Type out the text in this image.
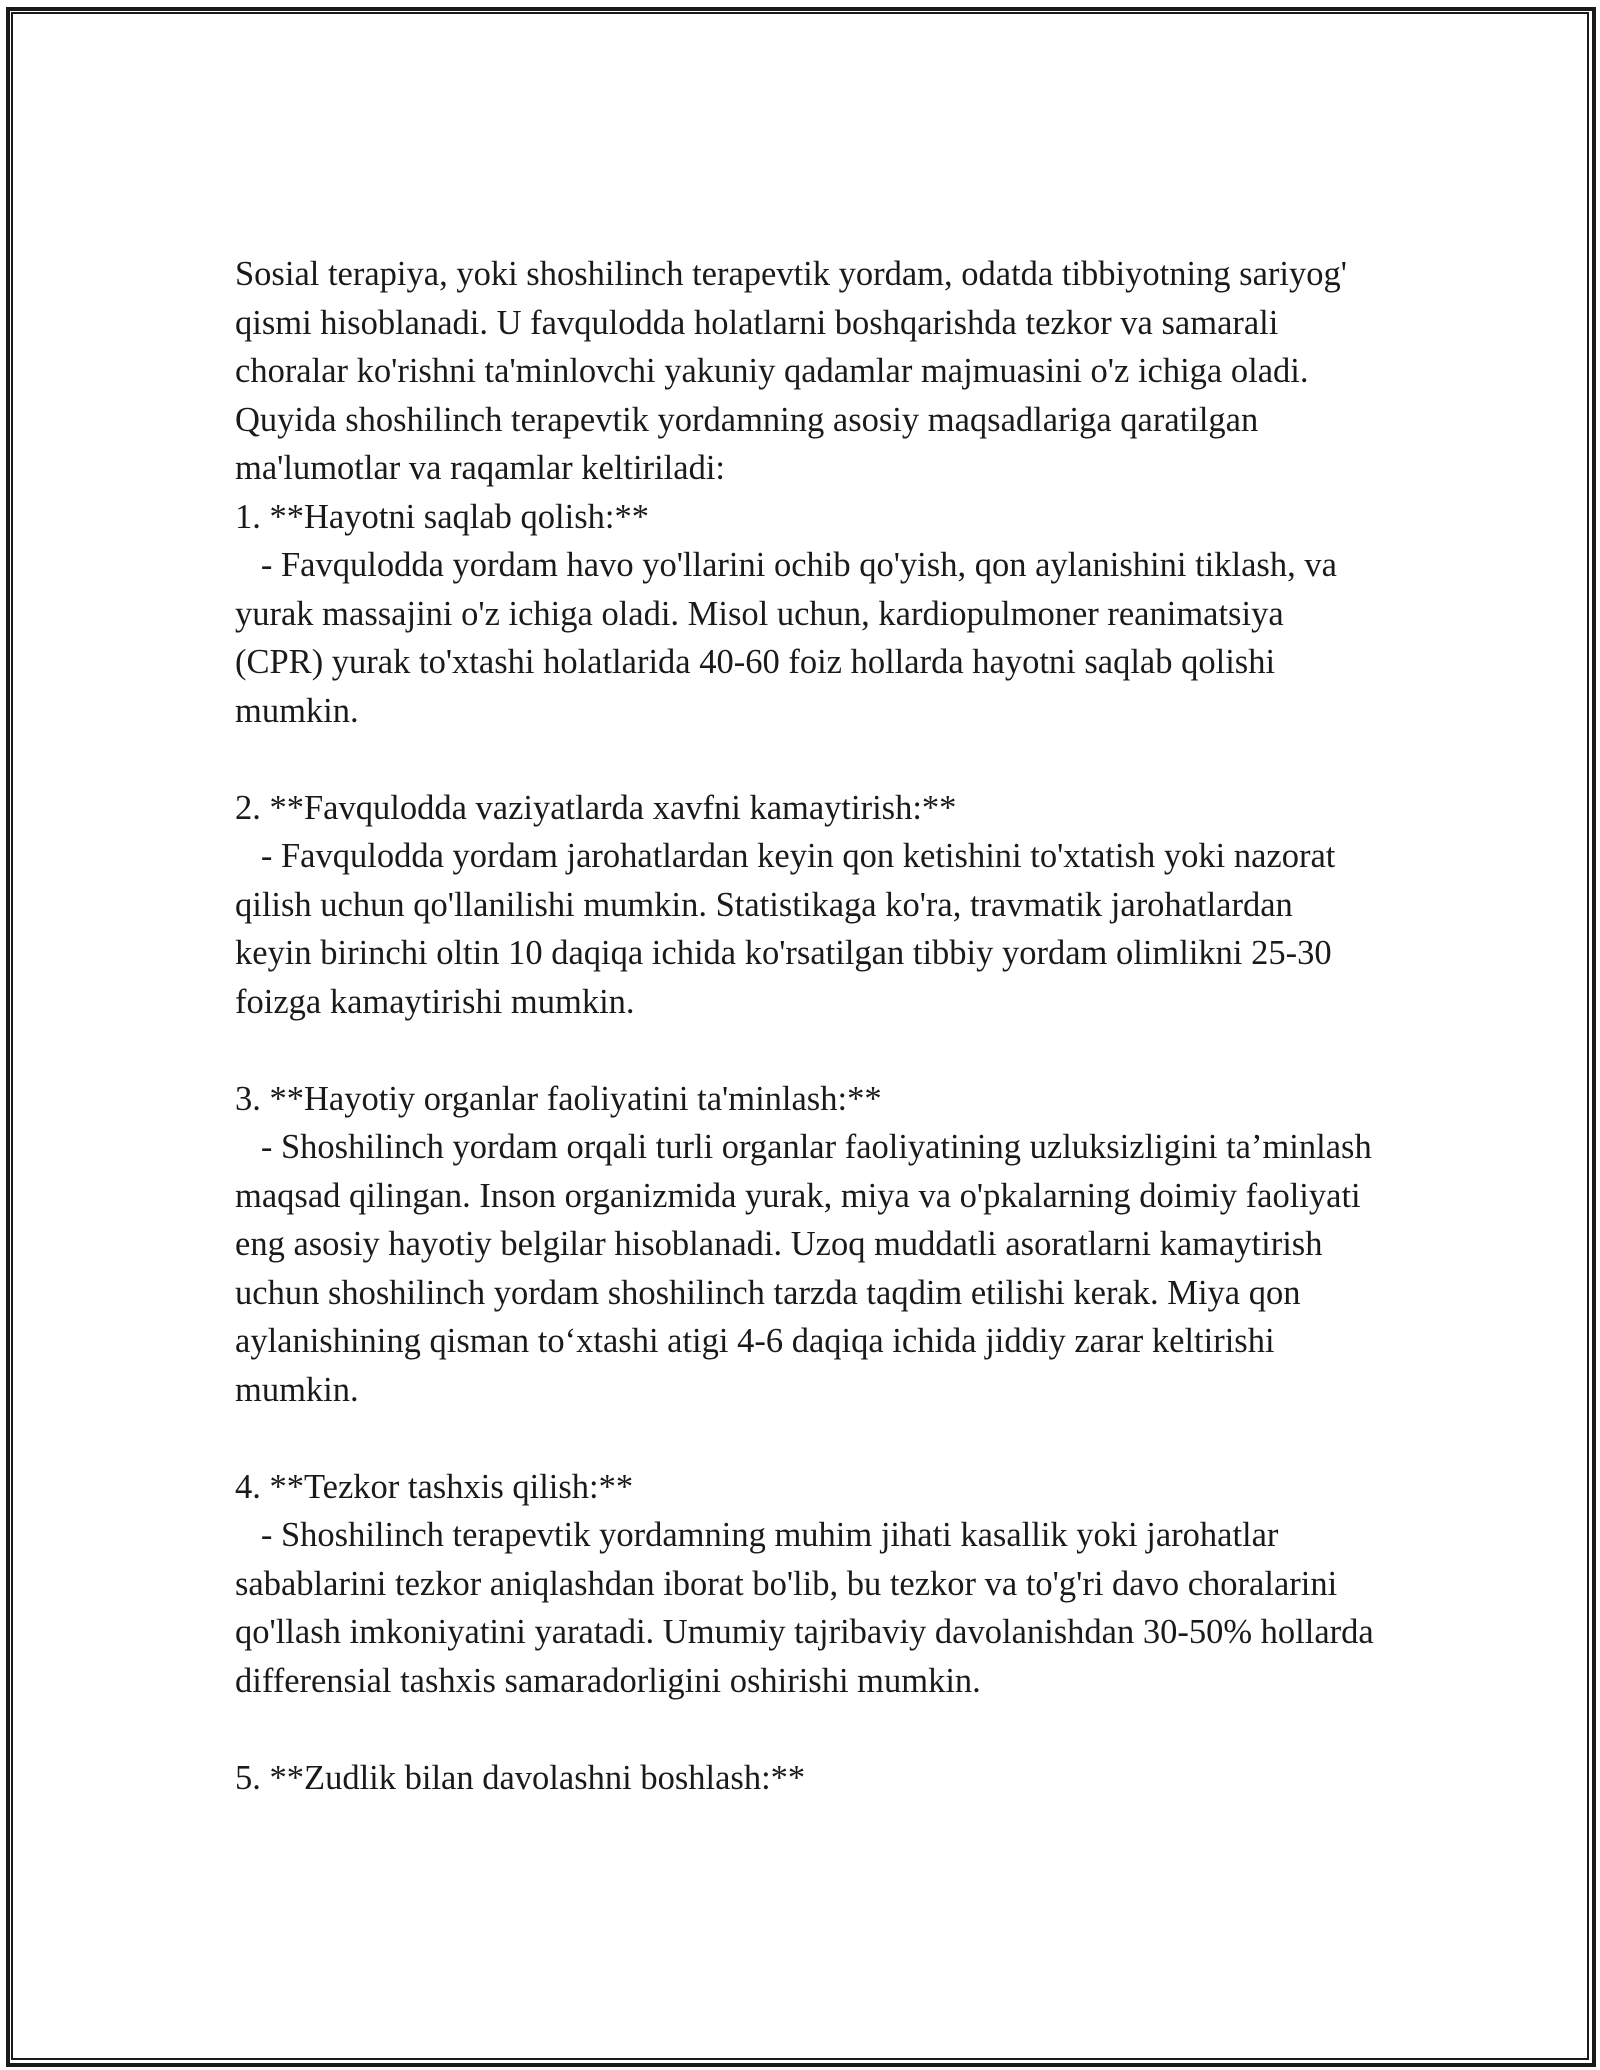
Sosial terapiya, yoki shoshilinch terapevtik yordam, odatda tibbiyotning sariyog' qismi hisoblanadi. U favqulodda holatlarni boshqarishda tezkor va samarali choralar ko'rishni ta'minlovchi yakuniy qadamlar majmuasini o'z ichiga oladi. Quyida shoshilinch terapevtik yordamning asosiy maqsadlariga qaratilgan ma'lumotlar va raqamlar keltiriladi:

1. **Hayotni saqlab qolish:**

- Favqulodda yordam havo yo'llarini ochib qo'yish, qon aylanishini tiklash, va yurak massajini o'z ichiga oladi. Misol uchun, kardiopulmoner reanimatsiya (CPR) yurak to'xtashi holatlarida 40-60 foiz hollarda hayotni saqlab qolishi mumkin.

2. **Favqulodda vaziyatlarda xavfni kamaytirish:**

- Favqulodda yordam jarohatlardan keyin qon ketishini to'xtatish yoki nazorat qilish uchun qo'llanilishi mumkin. Statistikaga ko'ra, travmatik jarohatlardan keyin birinchi oltin 10 daqiqa ichida ko'rsatilgan tibbiy yordam olimlikni 25-30 foizga kamaytirishi mumkin.

3. **Hayotiy organlar faoliyatini ta'minlash:**

- Shoshilinch yordam orqali turli organlar faoliyatining uzluksizligini ta’minlash maqsad qilingan. Inson organizmida yurak, miya va o'pkalarning doimiy faoliyati eng asosiy hayotiy belgilar hisoblanadi. Uzoq muddatli asoratlarni kamaytirish uchun shoshilinch yordam shoshilinch tarzda taqdim etilishi kerak. Miya qon aylanishining qisman to‘xtashi atigi 4-6 daqiqa ichida jiddiy zarar keltirishi mumkin.

4. **Tezkor tashxis qilish:**

- Shoshilinch terapevtik yordamning muhim jihati kasallik yoki jarohatlar sabablarini tezkor aniqlashdan iborat bo'lib, bu tezkor va to'g'ri davo choralarini qo'llash imkoniyatini yaratadi. Umumiy tajribaviy davolanishdan 30-50% hollarda differensial tashxis samaradorligini oshirishi mumkin.

5. **Zudlik bilan davolashni boshlash:**
